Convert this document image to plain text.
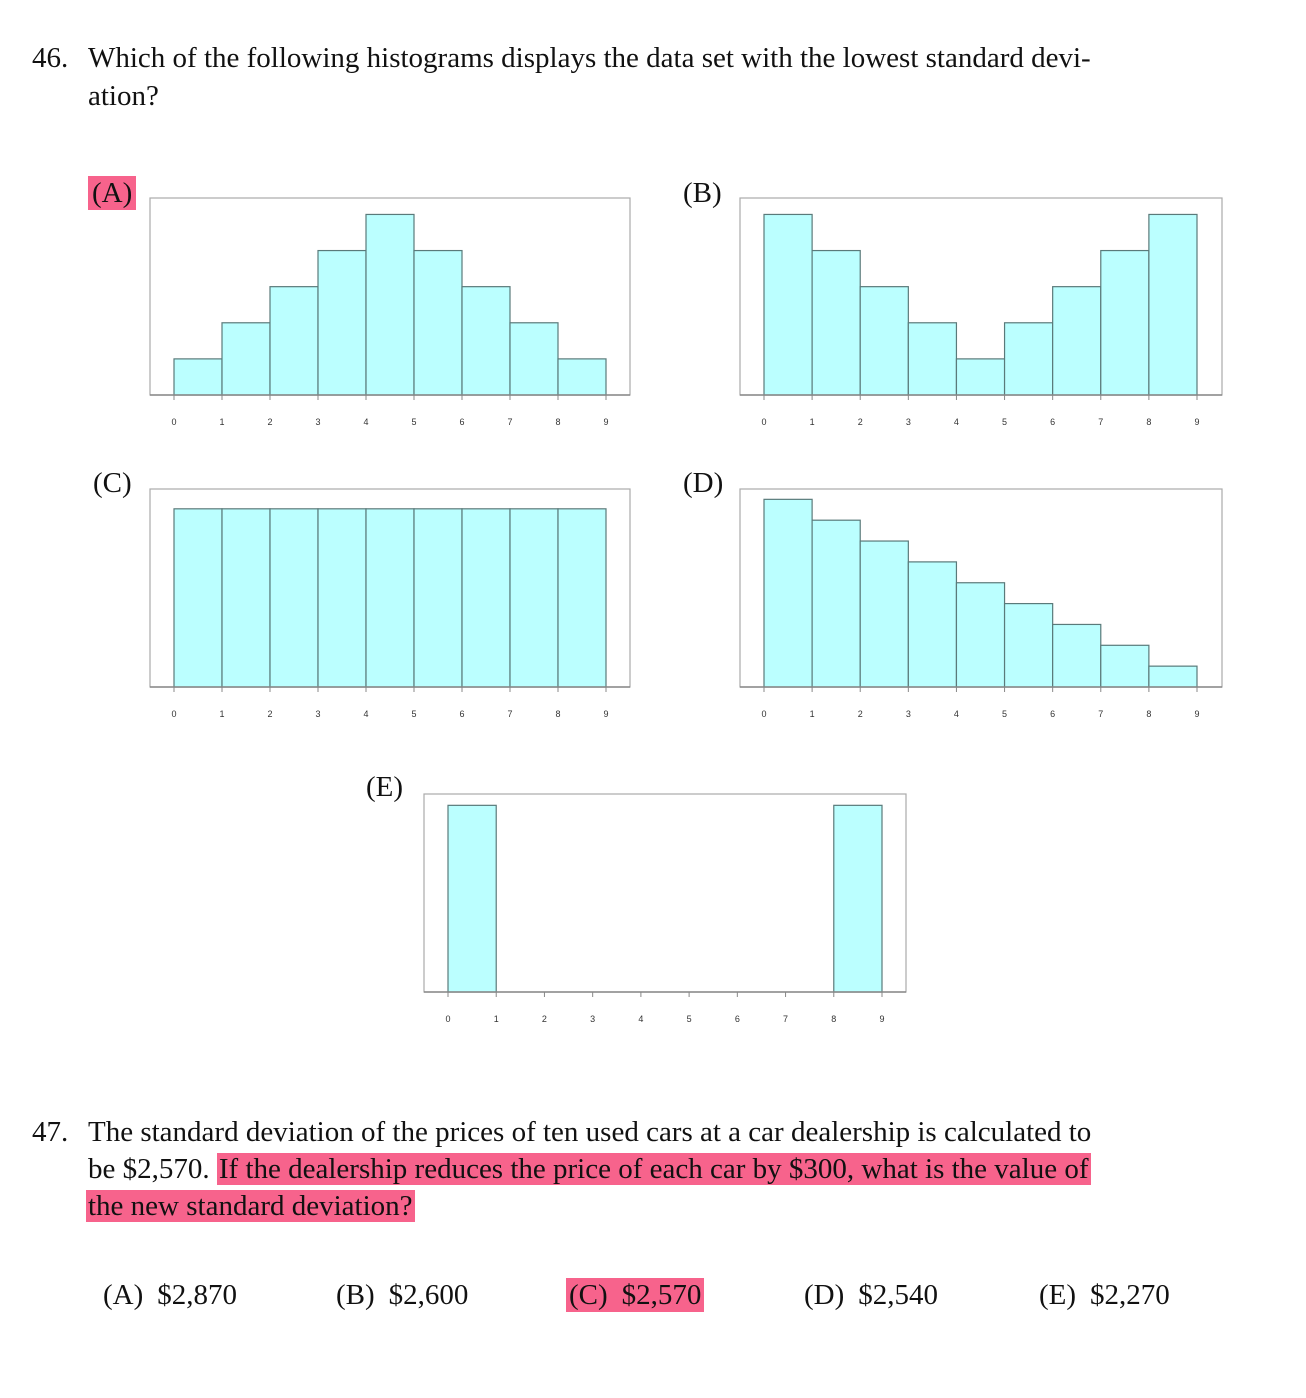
46. Which of the following histograms displays the data set with the lowest standard devi-
ation?
(A)	(B)
(C)	(D)
(E)
0	1	2	3	4	5	6	7	8	9	0	1	2	3	4	5	6	7	8	9
0	1	2	3	4	5	6	7	8	9	0	1	2	3	4	5	6	7	8	9
0	1	2	3	4	5	6	7	8	9
47. The standard deviation of the prices of ten used cars at a car dealership is calculated to
be $2,570. If the dealership reduces the price of each car by $300, what is the value of
the new standard deviation?
(A) $2,870	(B) $2,600	(C) $2,570	(D) $2,540	(E) $2,270
